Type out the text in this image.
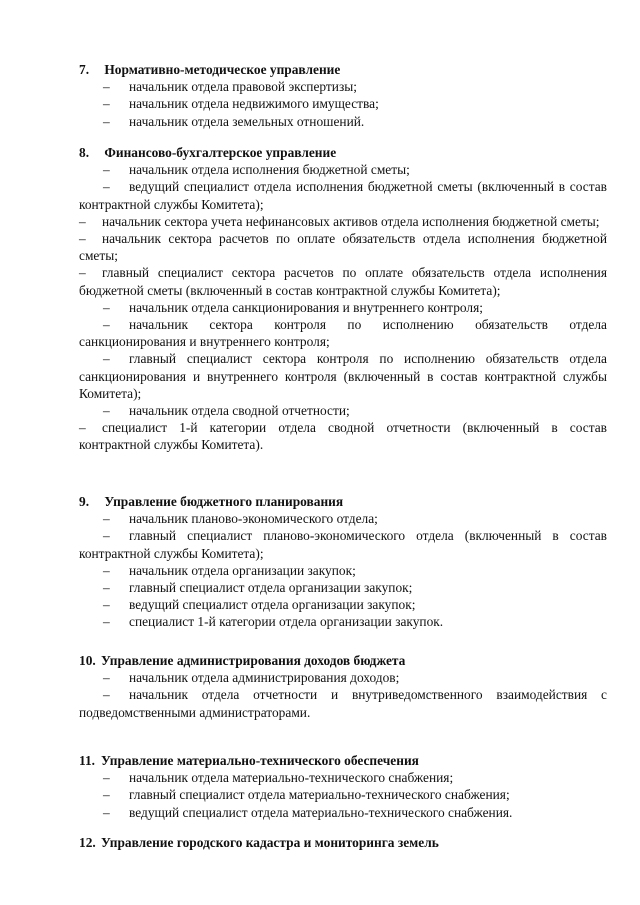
7. Нормативно-методическое управление
– начальник отдела правовой экспертизы;
– начальник отдела недвижимого имущества;
– начальник отдела земельных отношений.
8. Финансово-бухгалтерское управление
– начальник отдела исполнения бюджетной сметы;
– ведущий специалист отдела исполнения бюджетной сметы (включенный в состав контрактной службы Комитета);
– начальник сектора учета нефинансовых активов отдела исполнения бюджетной сметы;
– начальник сектора расчетов по оплате обязательств отдела исполнения бюджетной сметы;
– главный специалист сектора расчетов по оплате обязательств отдела исполнения бюджетной сметы (включенный в состав контрактной службы Комитета);
– начальник отдела санкционирования и внутреннего контроля;
– начальник сектора контроля по исполнению обязательств отдела санкционирования и внутреннего контроля;
– главный специалист сектора контроля по исполнению обязательств отдела санкционирования и внутреннего контроля (включенный в состав контрактной службы Комитета);
– начальник отдела сводной отчетности;
– специалист 1-й категории отдела сводной отчетности (включенный в состав контрактной службы Комитета).
9. Управление бюджетного планирования
– начальник планово-экономического отдела;
– главный специалист планово-экономического отдела (включенный в состав контрактной службы Комитета);
– начальник отдела организации закупок;
– главный специалист отдела организации закупок;
– ведущий специалист отдела организации закупок;
– специалист 1-й категории отдела организации закупок.
10. Управление администрирования доходов бюджета
– начальник отдела администрирования доходов;
– начальник отдела отчетности и внутриведомственного взаимодействия с подведомственными администраторами.
11. Управление материально-технического обеспечения
– начальник отдела материально-технического снабжения;
– главный специалист отдела материально-технического снабжения;
– ведущий специалист отдела материально-технического снабжения.
12. Управление городского кадастра и мониторинга земель
